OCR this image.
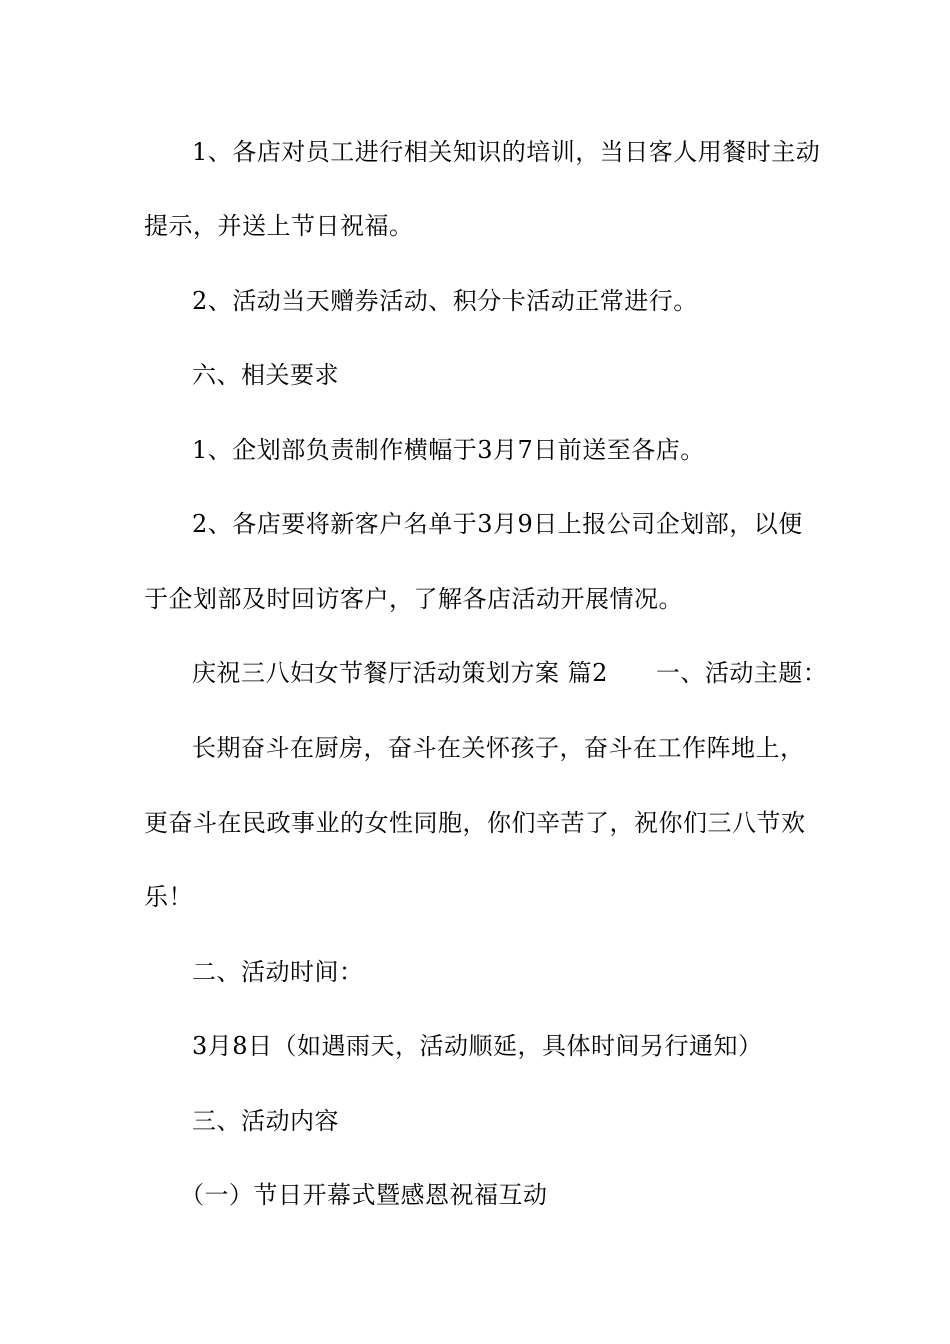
1、各店对员工进行相关知识的培训，当日客人用餐时主动
提示，并送上节日祝福。
2、活动当天赠券活动、积分卡活动正常进行。
六、相关要求
1、企划部负责制作横幅于3月7日前送至各店。
2、各店要将新客户名单于3月9日上报公司企划部，以便
于企划部及时回访客户，了解各店活动开展情况。
庆祝三八妇女节餐厅活动策划方案 篇2 一、活动主题：
长期奋斗在厨房，奋斗在关怀孩子，奋斗在工作阵地上，
更奋斗在民政事业的女性同胞，你们辛苦了，祝你们三八节欢
乐！
二、活动时间：
3月8日（如遇雨天，活动顺延，具体时间另行通知）
三、活动内容
（一）节日开幕式暨感恩祝福互动
